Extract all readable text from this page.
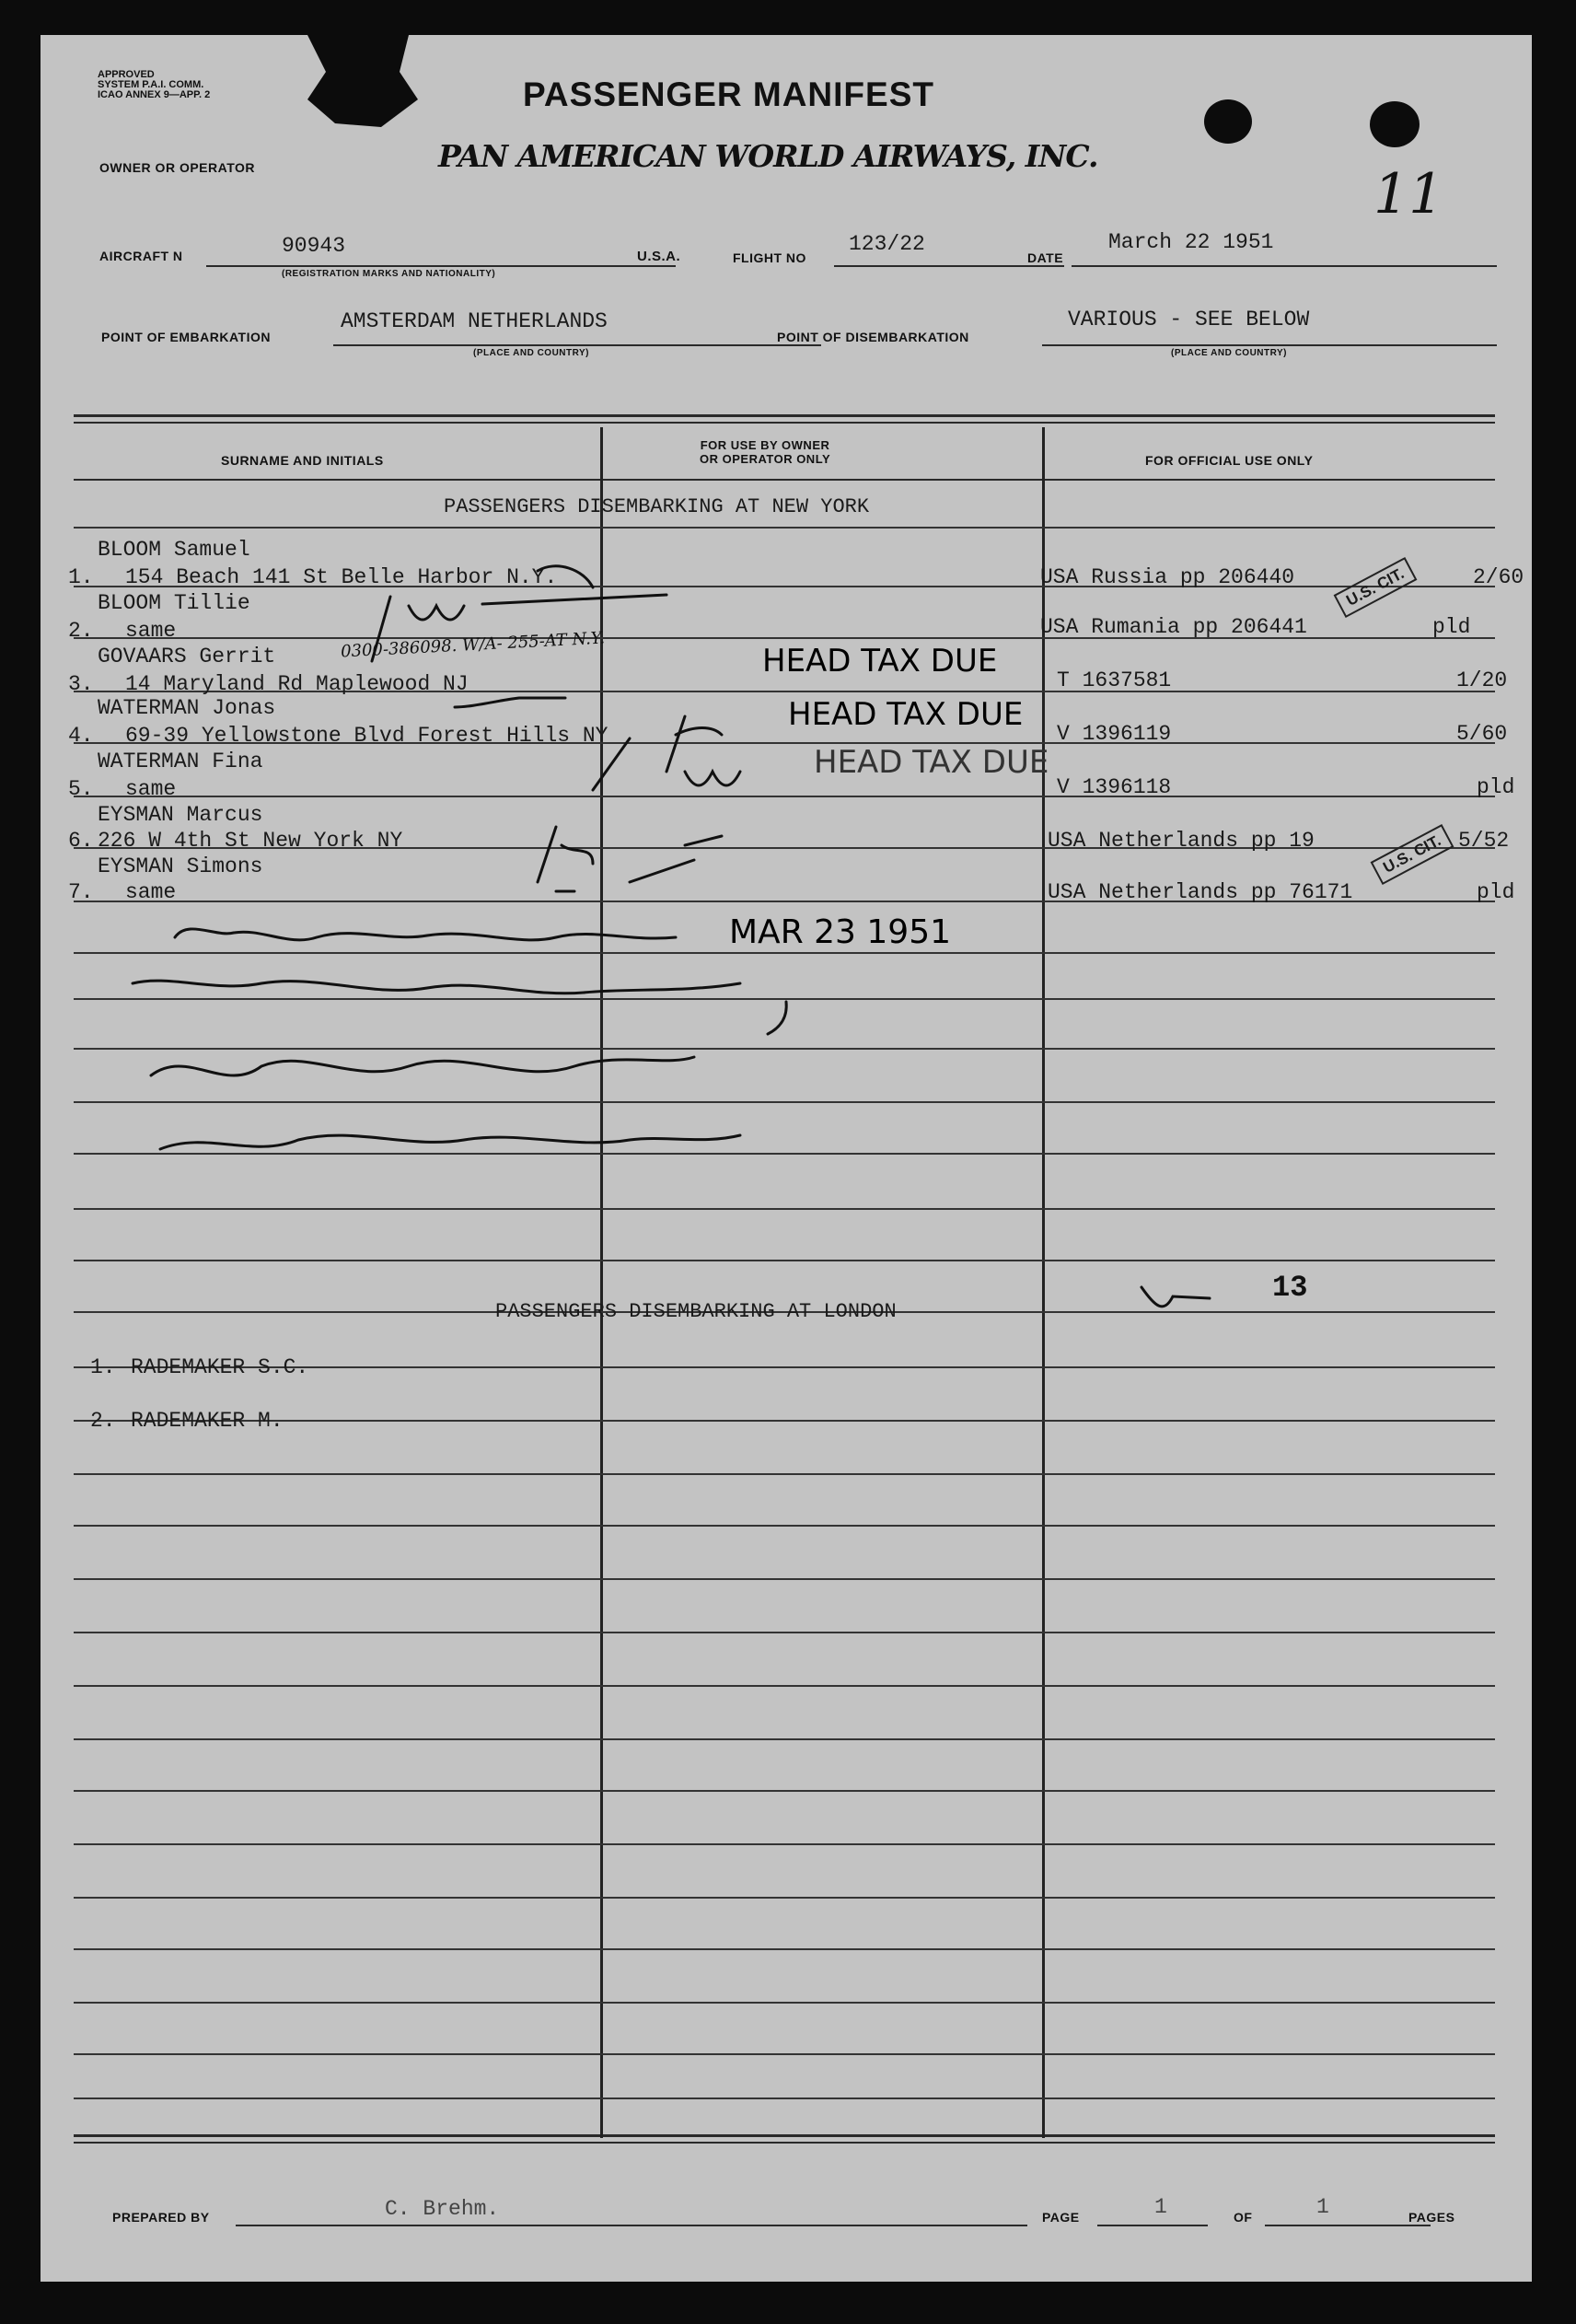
APPROVED
SYSTEM P.A.I. COMM.
ICAO ANNEX 9—APP. 2	PASSENGER MANIFEST
OWNER OR OPERATOR	PAN AMERICAN WORLD AIRWAYS, INC.
11
AIRCRAFT N	90943
(REGISTRATION MARKS AND NATIONALITY)
U.S.A.	FLIGHT NO
123/22
DATE
March 22 1951
POINT OF EMBARKATION
AMSTERDAM NETHERLANDS
(PLACE AND COUNTRY)
POINT OF DISEMBARKATION
VARIOUS - SEE BELOW
(PLACE AND COUNTRY)
SURNAME AND INITIALS
FOR USE BY OWNER
OR OPERATOR ONLY	FOR OFFICIAL USE ONLY
PASSENGERS DISEMBARKING AT NEW YORK
PASSENGERS DISEMBARKING AT LONDON
BLOOM Samuel
1. 154 Beach 141 St Belle Harbor N.Y.	USA Russia pp 206440	2/60
BLOOM Tillie
2. same	USA Rumania pp 206441	pld
GOVAARS Gerrit
3. 14 Maryland Rd Maplewood NJ	T 1637581	1/20
WATERMAN Jonas
4. 69-39 Yellowstone Blvd Forest Hills NY	V 1396119	5/60
WATERMAN Fina
5. same	V 1396118	pld
EYSMAN Marcus
6. 226 W 4th St New York NY	USA Netherlands pp 19	5/52
EYSMAN Simons
7. same	USA Netherlands pp 76171	pld
1. RADEMAKER S.C.
2. RADEMAKER M.
HEAD TAX DUE
HEAD TAX DUE
HEAD TAX DUE
MAR 23 1951
U.S. CIT.
U.S. CIT.
13
0300-386098. W/A- 255-AT N.Y.
PREPARED BY	C. Brehm.	PAGE	1	OF	1	PAGES
